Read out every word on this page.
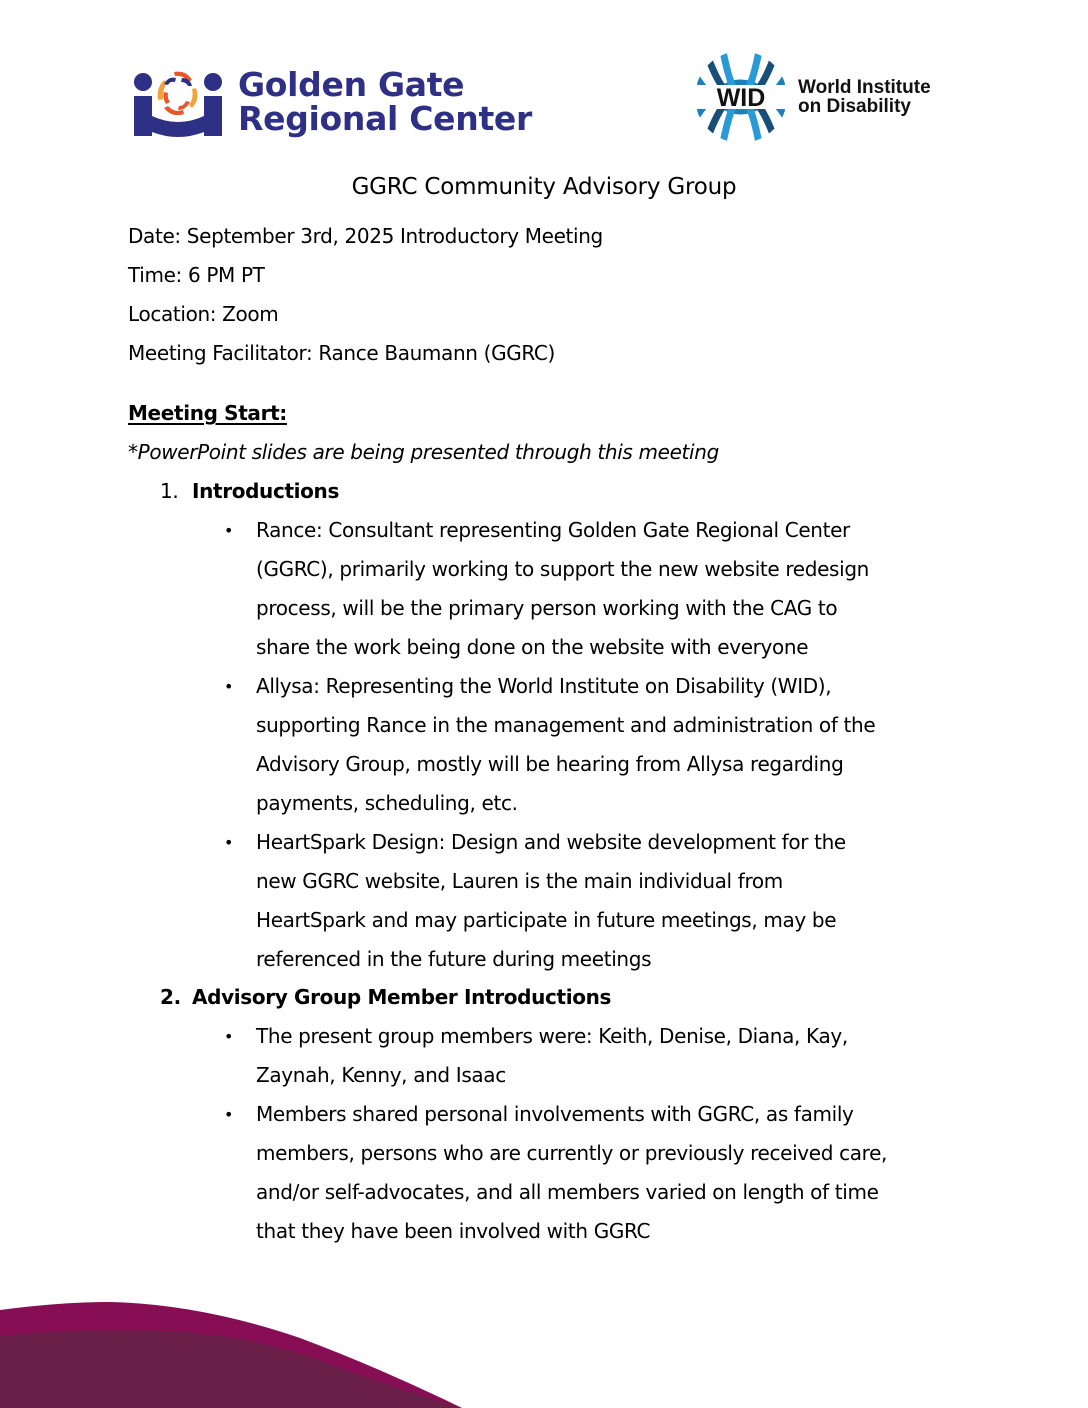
Golden Gate
Regional Center
WID World Institute
on Disability
GGRC Community Advisory Group
Date: September 3rd, 2025 Introductory Meeting
Time: 6 PM PT
Location: Zoom
Meeting Facilitator: Rance Baumann (GGRC)
Meeting Start:
*PowerPoint slides are being presented through this meeting
1. Introductions
• Rance: Consultant representing Golden Gate Regional Center
(GGRC), primarily working to support the new website redesign
process, will be the primary person working with the CAG to
share the work being done on the website with everyone
• Allysa: Representing the World Institute on Disability (WID),
supporting Rance in the management and administration of the
Advisory Group, mostly will be hearing from Allysa regarding
payments, scheduling, etc.
• HeartSpark Design: Design and website development for the
new GGRC website, Lauren is the main individual from
HeartSpark and may participate in future meetings, may be
referenced in the future during meetings
2. Advisory Group Member Introductions
• The present group members were: Keith, Denise, Diana, Kay,
Zaynah, Kenny, and Isaac
• Members shared personal involvements with GGRC, as family
members, persons who are currently or previously received care,
and/or self-advocates, and all members varied on length of time
that they have been involved with GGRC
